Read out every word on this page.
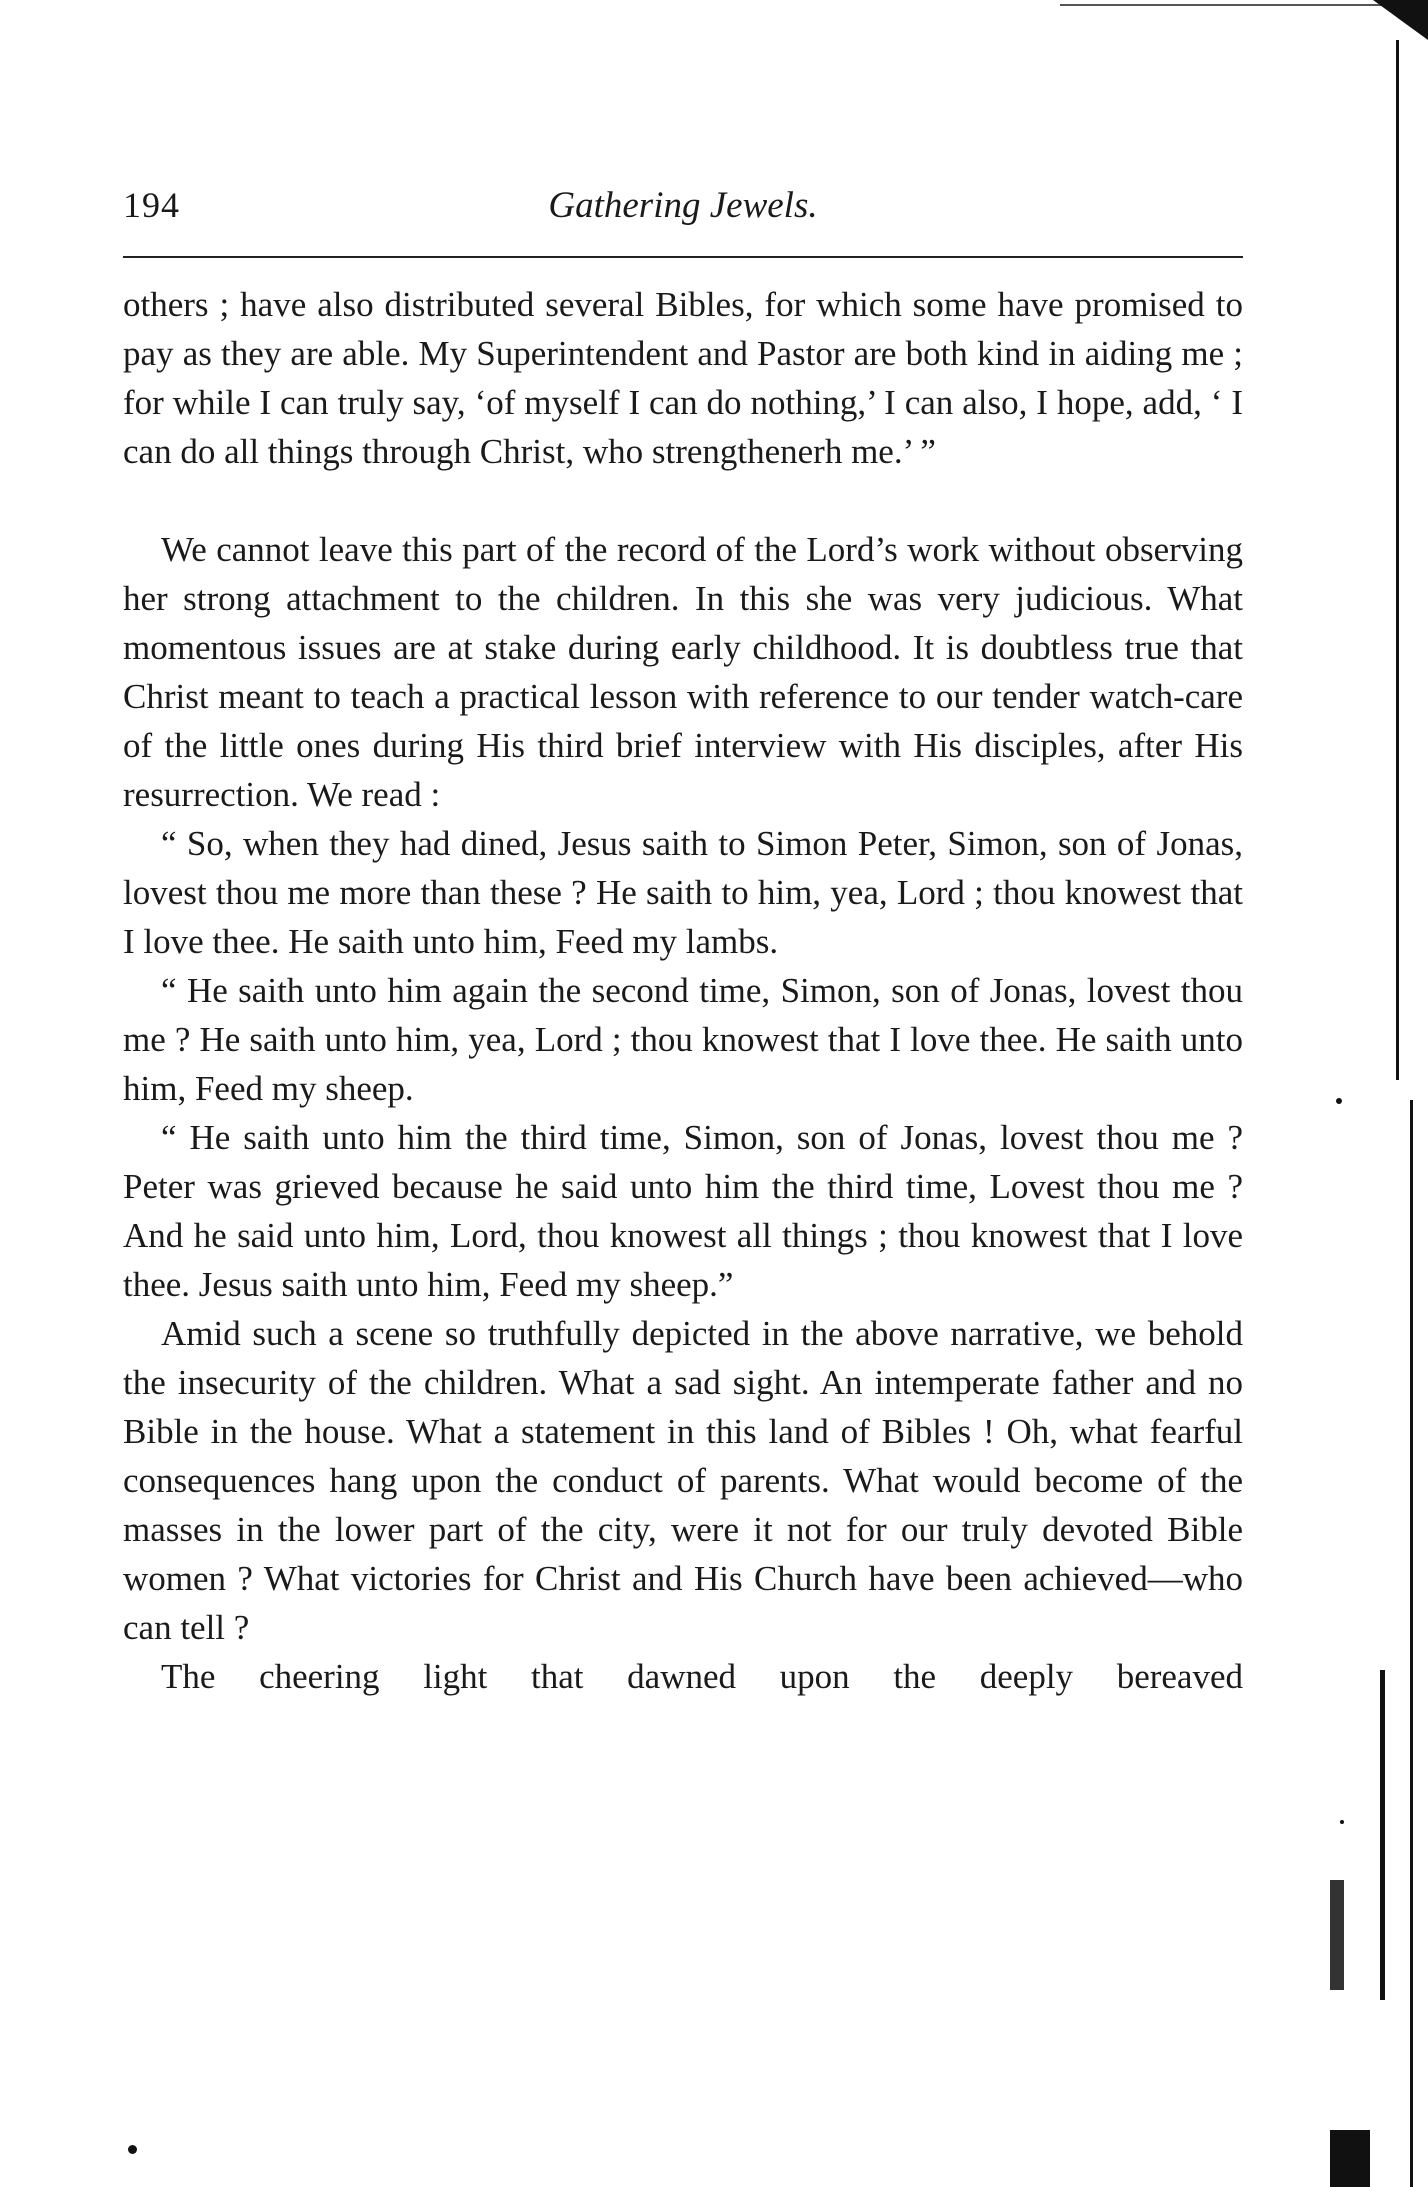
194	Gathering Jewels.

others ; have also distributed several Bibles, for which some have promised to pay as they are able. My Superintendent and Pastor are both kind in aiding me ; for while I can truly say, ‘of myself I can do nothing,’ I can also, I hope, add, ‘ I can do all things through Christ, who strengthenerh me.’ ”

We cannot leave this part of the record of the Lord’s work without observing her strong attachment to the children. In this she was very judicious. What momentous issues are at stake during early childhood. It is doubtless true that Christ meant to teach a practical lesson with reference to our tender watch-care of the little ones during His third brief interview with His disciples, after His resurrection. We read :

“ So, when they had dined, Jesus saith to Simon Peter, Simon, son of Jonas, lovest thou me more than these ? He saith to him, yea, Lord ; thou knowest that I love thee. He saith unto him, Feed my lambs.

“ He saith unto him again the second time, Simon, son of Jonas, lovest thou me ? He saith unto him, yea, Lord ; thou knowest that I love thee. He saith unto him, Feed my sheep.

“ He saith unto him the third time, Simon, son of Jonas, lovest thou me ? Peter was grieved because he said unto him the third time, Lovest thou me ? And he said unto him, Lord, thou knowest all things ; thou knowest that I love thee. Jesus saith unto him, Feed my sheep.”

Amid such a scene so truthfully depicted in the above narrative, we behold the insecurity of the children. What a sad sight. An intemperate father and no Bible in the house. What a statement in this land of Bibles ! Oh, what fearful consequences hang upon the conduct of parents. What would become of the masses in the lower part of the city, were it not for our truly devoted Bible women ? What victories for Christ and His Church have been achieved—who can tell ?

The cheering light that dawned upon the deeply bereaved
